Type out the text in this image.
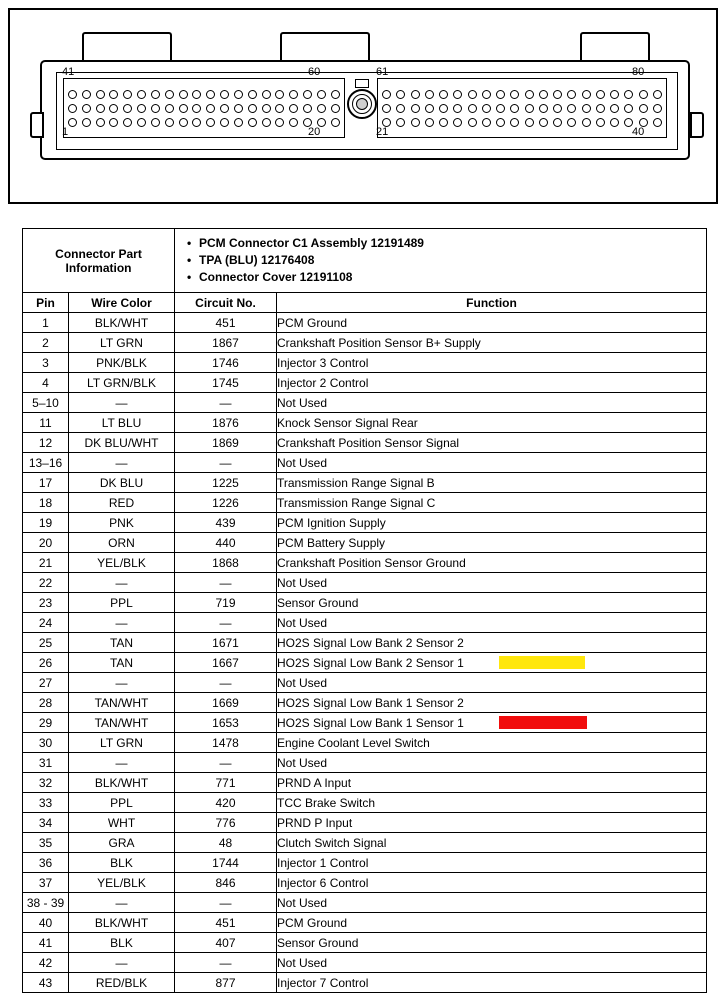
41	60
1	20
61	80
21	40
Connector Part
Information

• PCM Connector C1 Assembly 12191489
• TPA (BLU) 12176408
• Connector Cover 12191108

Pin	Wire Color	Circuit No.	Function
1	BLK/WHT	451	PCM Ground
2	LT GRN	1867	Crankshaft Position Sensor B+ Supply
3	PNK/BLK	1746	Injector 3 Control
4	LT GRN/BLK	1745	Injector 2 Control
5–10	—	—	Not Used
11	LT BLU	1876	Knock Sensor Signal Rear
12	DK BLU/WHT	1869	Crankshaft Position Sensor Signal
13–16	—	—	Not Used
17	DK BLU	1225	Transmission Range Signal B
18	RED	1226	Transmission Range Signal C
19	PNK	439	PCM Ignition Supply
20	ORN	440	PCM Battery Supply
21	YEL/BLK	1868	Crankshaft Position Sensor Ground
22	—	—	Not Used
23	PPL	719	Sensor Ground
24	—	—	Not Used
25	TAN	1671	HO2S Signal Low Bank 2 Sensor 2
26	TAN	1667	HO2S Signal Low Bank 2 Sensor 1

27	—	—	Not Used
28	TAN/WHT	1669	HO2S Signal Low Bank 1 Sensor 2
29	TAN/WHT	1653	HO2S Signal Low Bank 1 Sensor 1

30	LT GRN	1478	Engine Coolant Level Switch
31	—	—	Not Used
32	BLK/WHT	771	PRND A Input
33	PPL	420	TCC Brake Switch
34	WHT	776	PRND P Input
35	GRA	48	Clutch Switch Signal
36	BLK	1744	Injector 1 Control
37	YEL/BLK	846	Injector 6 Control
38 - 39	—	—	Not Used
40	BLK/WHT	451	PCM Ground
41	BLK	407	Sensor Ground
42	—	—	Not Used
43	RED/BLK	877	Injector 7 Control
